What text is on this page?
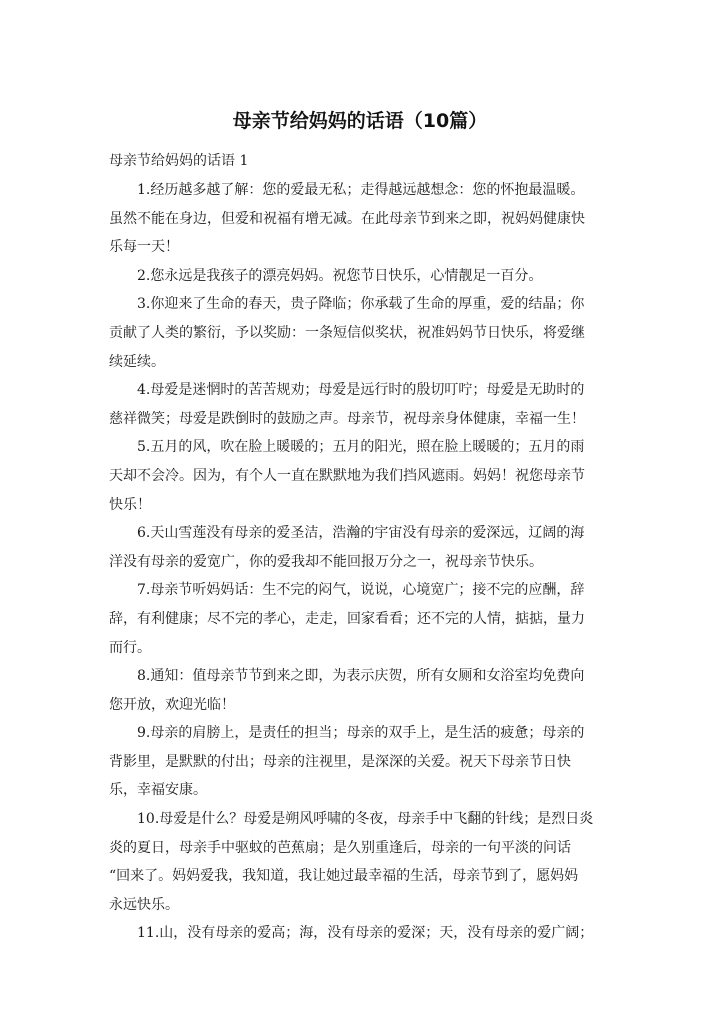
母亲节给妈妈的话语（10篇）
母亲节给妈妈的话语 1

1.经历越多越了解：您的爱最无私；走得越远越想念：您的怀抱最温暖。
虽然不能在身边，但爱和祝福有增无减。在此母亲节到来之即，祝妈妈健康快
乐每一天！

2.您永远是我孩子的漂亮妈妈。祝您节日快乐，心情靓足一百分。

3.你迎来了生命的春天，贵子降临；你承载了生命的厚重，爱的结晶；你
贡献了人类的繁衍，予以奖励：一条短信似奖状，祝准妈妈节日快乐，将爱继
续延续。

4.母爱是迷惘时的苦苦规劝；母爱是远行时的殷切叮咛；母爱是无助时的
慈祥微笑；母爱是跌倒时的鼓励之声。母亲节，祝母亲身体健康，幸福一生！

5.五月的风，吹在脸上暖暖的；五月的阳光，照在脸上暖暖的；五月的雨
天却不会冷。因为，有个人一直在默默地为我们挡风遮雨。妈妈！祝您母亲节
快乐！

6.天山雪莲没有母亲的爱圣洁，浩瀚的宇宙没有母亲的爱深远，辽阔的海
洋没有母亲的爱宽广，你的爱我却不能回报万分之一，祝母亲节快乐。

7.母亲节听妈妈话：生不完的闷气，说说，心境宽广；接不完的应酬，辞
辞，有利健康；尽不完的孝心，走走，回家看看；还不完的人情，掂掂，量力
而行。

8.通知：值母亲节节到来之即，为表示庆贺，所有女厕和女浴室均免费向
您开放，欢迎光临！

9.母亲的肩膀上，是责任的担当；母亲的双手上，是生活的疲惫；母亲的
背影里，是默默的付出；母亲的注视里，是深深的关爱。祝天下母亲节日快
乐，幸福安康。

10.母爱是什么？母爱是朔风呼啸的冬夜，母亲手中飞翻的针线；是烈日炎
炎的夏日，母亲手中驱蚊的芭蕉扇；是久别重逢后，母亲的一句平淡的问话
“回来了。妈妈爱我，我知道，我让她过最幸福的生活，母亲节到了，愿妈妈
永远快乐。

11.山，没有母亲的爱高；海，没有母亲的爱深；天，没有母亲的爱广阔；
